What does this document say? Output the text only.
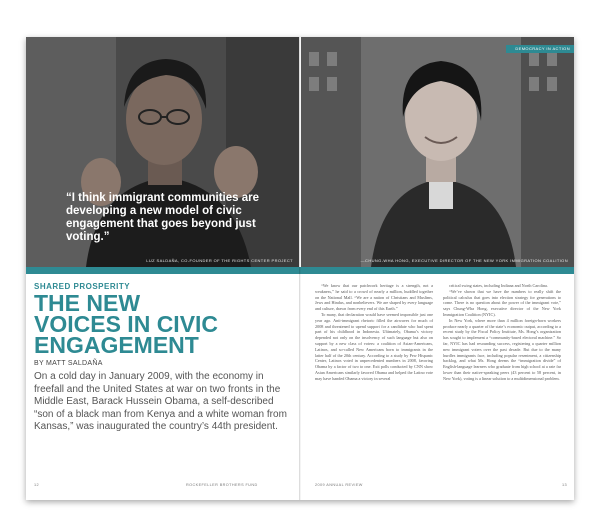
LUZ SALDAÑA, CO-FOUNDER OF THE RIGHTS CENTER PROJECT	—CHUNG-WHA HONG, EXECUTIVE DIRECTOR OF THE NEW YORK IMMIGRATION COALITION
DEMOCRACY IN ACTION
“I think immigrant communities are developing a new model of civic engagement that goes beyond just voting.”
SHARED PROSPERITY
THE NEW
VOICES IN CIVIC
ENGAGEMENT
BY MATT SALDAÑA
On a cold day in January 2009, with the economy in freefall and the United States at war on two fronts in the Middle East, Barack Hussein Obama, a self-described “son of a black man from Kenya and a white woman from Kansas,” was inaugurated the country’s 44th president.
12	ROCKEFELLER BROTHERS FUND

“We know that our patchwork heritage is a strength, not a weakness,” he said to a crowd of nearly a million, huddled together on the National Mall. “We are a nation of Christians and Muslims, Jews and Hindus, and nonbelievers. We are shaped by every language and culture, drawn from every end of this Earth.”

To many, that declaration would have seemed impossible just one year ago. Anti-immigrant rhetoric filled the airwaves for much of 2008 and threatened to upend support for a candidate who had spent part of his childhood in Indonesia. Ultimately, Obama’s victory depended not only on the insolvency of such language but also on support by a new class of voters: a coalition of Asian-Americans, Latinos, and so-called New Americans born to immigrants in the latter half of the 20th century. According to a study by Pew Hispanic Center, Latinos voted in unprecedented numbers in 2008, favoring Obama by a factor of two to one. Exit polls conducted by CNN show Asian Americans similarly favored Obama and helped the Latino vote may have handed Obama a victory in several

critical swing states, including Indiana and North Carolina.

“We’ve shown that we have the numbers to really shift the political calculus that goes into election strategy for generations to come. There is no question about the power of the immigrant vote,” says Chung-Wha Hong, executive director of the New York Immigration Coalition (NYIC).

In New York, where more than 4 million foreign-born workers produce nearly a quarter of the state’s economic output, according to a recent study by the Fiscal Policy Institute, Ms. Hong’s organization has sought to implement a “community-based electoral machine.” So far, NYIC has had resounding success, registering a quarter million new immigrant voters over the past decade. But due to the many hurdles immigrants face, including popular resentment, a citizenship backlog, and what Ms. Hong deems the “immigration divide” of English-language learners who graduate from high school at a rate far lower than their native-speaking peers (43 percent to 58 percent, in New York), voting is a linear solution to a multidimensional problem.

2009 ANNUAL REVIEW	13
